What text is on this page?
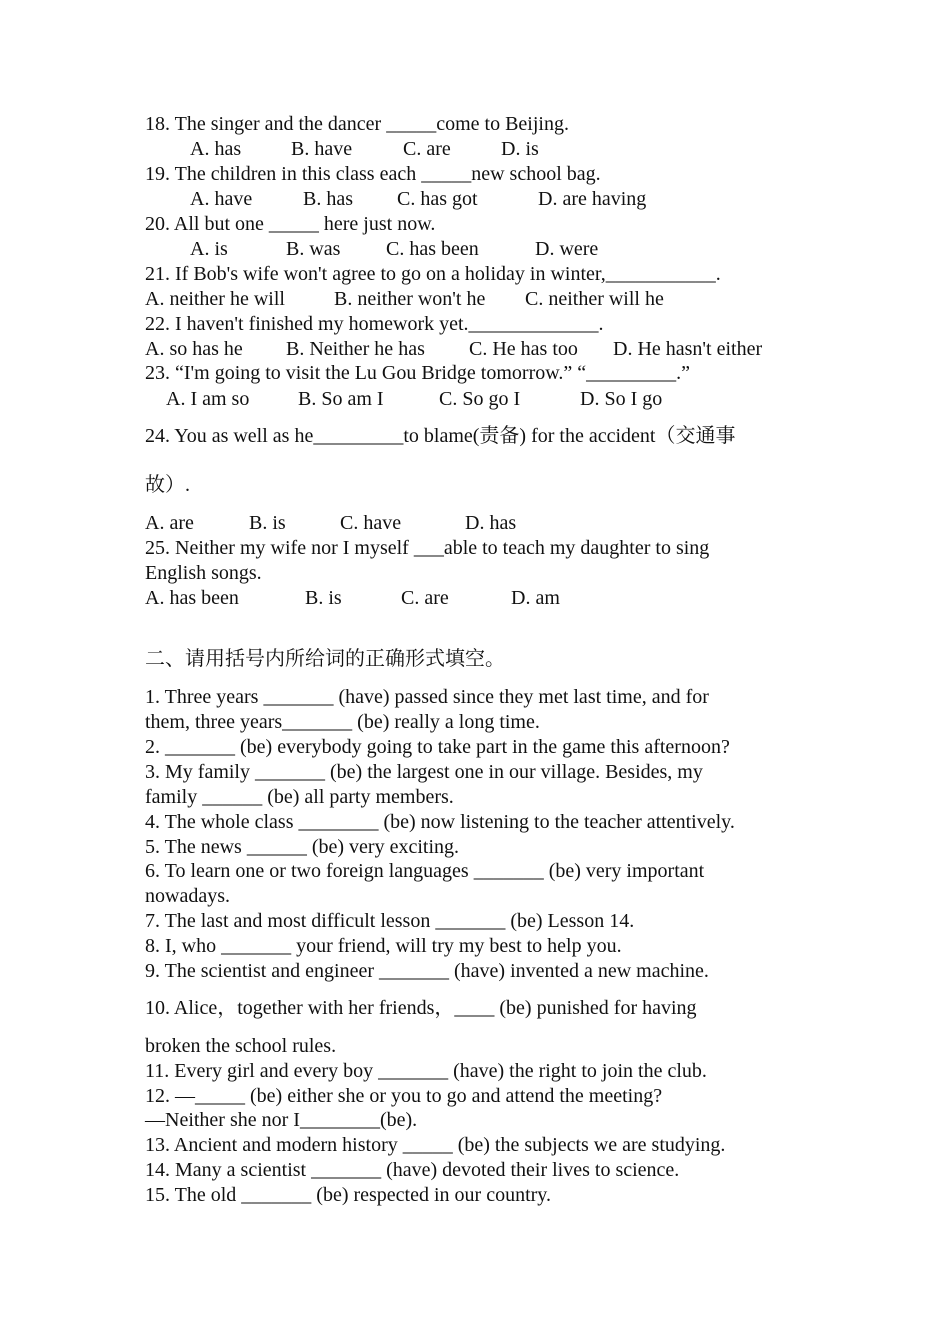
18. The singer and the dancer _____come to Beijing.
A. has B. have	C. are	D. is
19. The children in this class each _____new school bag.
A. have	B. has C. has got	D. are having
20. All but one _____ here just now.
A. is	B. was C. has been	D. were
21. If Bob's wife won't agree to go on a holiday in winter,___________.
A. neither he will B. neither won't he C. neither will he
22. I haven't finished my homework yet._____________.
A. so has he B. Neither he has C. He has too D. He hasn't either
23. “I'm going to visit the Lu Gou Bridge tomorrow.” “_________.”
A. I am so B. So am I	C. So go I	D. So I go
24. You as well as he_________to blame(责备) for the accident（交通事
故）.
A. are	B. is	C. have	D. has
25. Neither my wife nor I myself ___able to teach my daughter to sing
English songs.
A. has been	B. is	C. are	D. am
二、请用括号内所给词的正确形式填空。
1. Three years _______ (have) passed since they met last time, and for
them, three years_______ (be) really a long time.
2. _______ (be) everybody going to take part in the game this afternoon?
3. My family _______ (be) the largest one in our village. Besides, my
family ______ (be) all party members.
4. The whole class ________ (be) now listening to the teacher attentively.
5. The news ______ (be) very exciting.
6. To learn one or two foreign languages _______ (be) very important
nowadays.
7. The last and most difficult lesson _______ (be) Lesson 14.
8. I, who _______ your friend, will try my best to help you.
9. The scientist and engineer _______ (have) invented a new machine.
10. Alice，together with her friends，____ (be) punished for having
broken the school rules.
11. Every girl and every boy _______ (have) the right to join the club.
12. —_____ (be) either she or you to go and attend the meeting?
—Neither she nor I________(be).
13. Ancient and modern history _____ (be) the subjects we are studying.
14. Many a scientist _______ (have) devoted their lives to science.
15. The old _______ (be) respected in our country.
